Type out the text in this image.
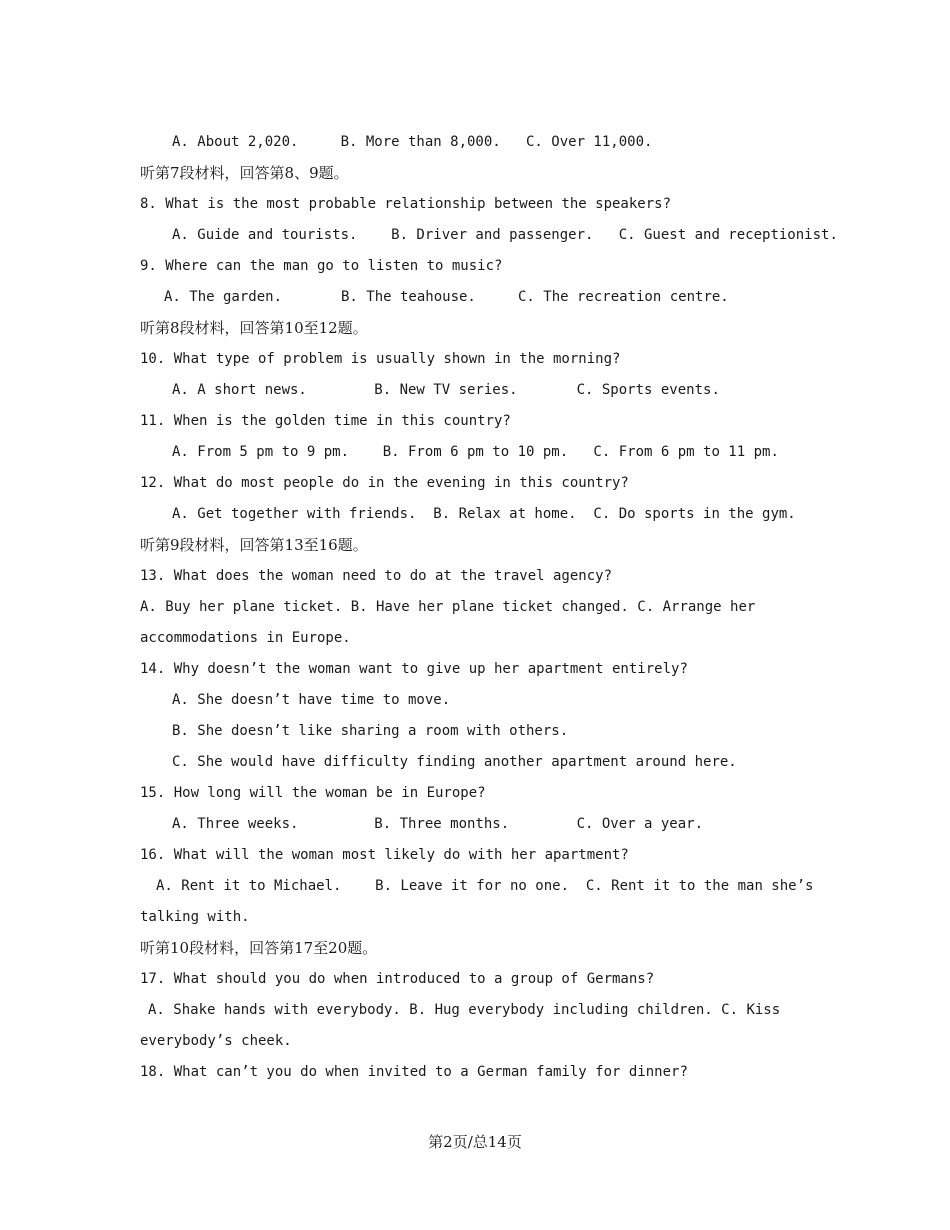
A. About 2,020.     B. More than 8,000.   C. Over 11,000.
听第7段材料，回答第8、9题。
8. What is the most probable relationship between the speakers?
A. Guide and tourists.    B. Driver and passenger.   C. Guest and receptionist.
9. Where can the man go to listen to music?
A. The garden.       B. The teahouse.     C. The recreation centre.
听第8段材料，回答第10至12题。
10. What type of problem is usually shown in the morning?
A. A short news.        B. New TV series.       C. Sports events.
11. When is the golden time in this country?
A. From 5 pm to 9 pm.    B. From 6 pm to 10 pm.   C. From 6 pm to 11 pm.
12. What do most people do in the evening in this country?
A. Get together with friends.  B. Relax at home.  C. Do sports in the gym.
听第9段材料，回答第13至16题。
13. What does the woman need to do at the travel agency?
A. Buy her plane ticket. B. Have her plane ticket changed. C. Arrange her
accommodations in Europe.
14. Why doesn’t the woman want to give up her apartment entirely?
A. She doesn’t have time to move.
B. She doesn’t like sharing a room with others.
C. She would have difficulty finding another apartment around here.
15. How long will the woman be in Europe?
A. Three weeks.         B. Three months.        C. Over a year.
16. What will the woman most likely do with her apartment?
A. Rent it to Michael.    B. Leave it for no one.  C. Rent it to the man she’s
talking with.
听第10段材料，回答第17至20题。
17. What should you do when introduced to a group of Germans?
A. Shake hands with everybody. B. Hug everybody including children. C. Kiss
everybody’s cheek.
18. What can’t you do when invited to a German family for dinner?
第2页/总14页
